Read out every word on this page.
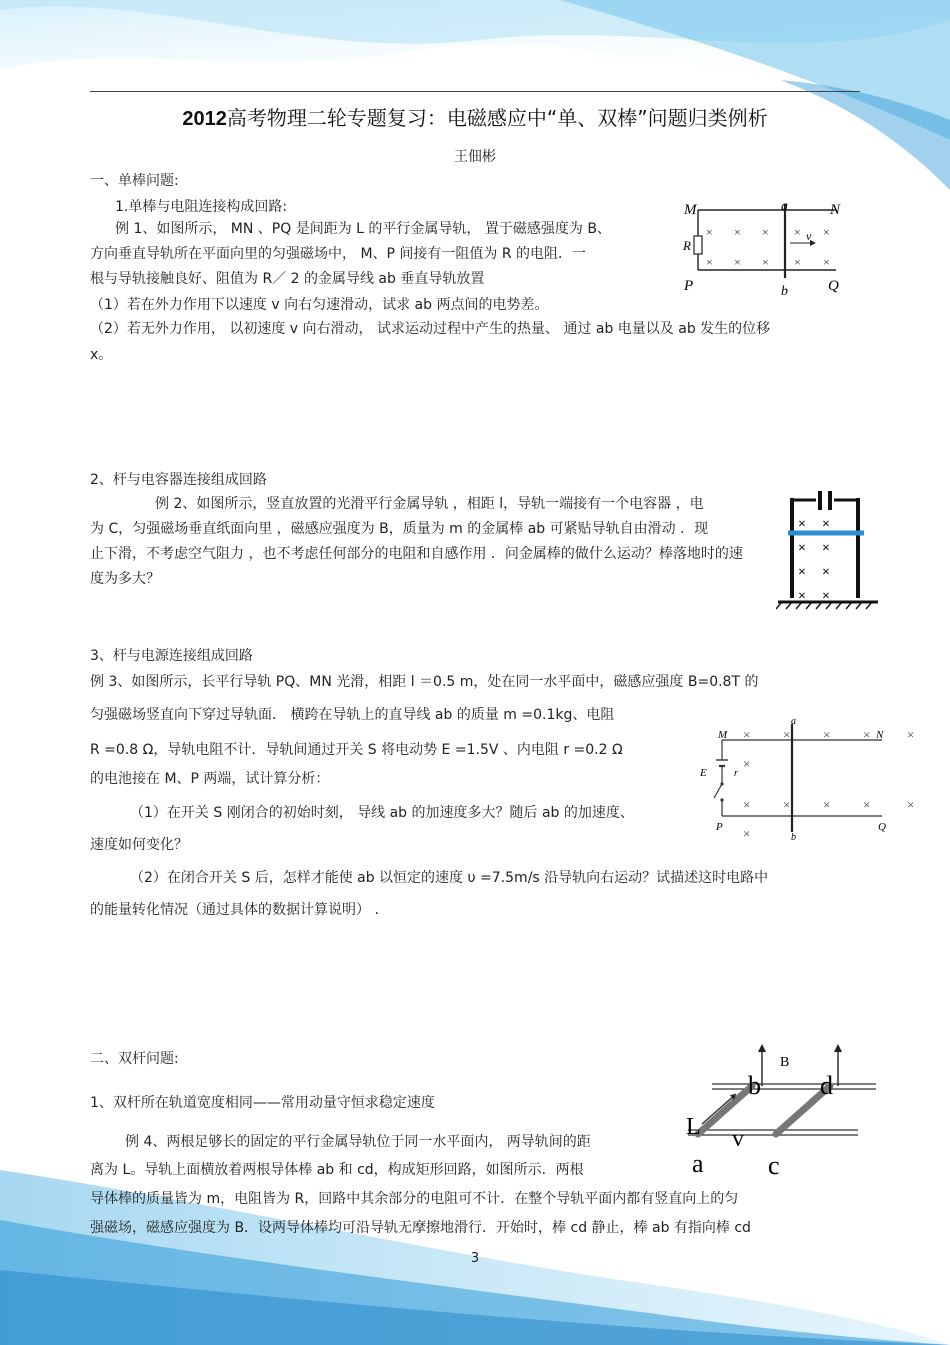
2012高考物理二轮专题复习：电磁感应中“单、双棒”问题归类例析
王佃彬
一、单棒问题:
1.单棒与电阻连接构成回路:
例 1、如图所示， MN 、PQ 是间距为 L 的平行金属导轨， 置于磁感强度为 B、
方向垂直导轨所在平面向里的匀强磁场中， M、P 间接有一阻值为 R 的电阻．一
根与导轨接触良好、阻值为 R／ 2 的金属导线 ab 垂直导轨放置
（1）若在外力作用下以速度 v 向右匀速滑动，试求 ab 两点间的电势差。
（2）若无外力作用， 以初速度 v 向右滑动， 试求运动过程中产生的热量、 通过 ab 电量以及 ab 发生的位移
x。
M	N
P	Q
a
b
R
v
× × × × ×
× × × × ×
2、杆与电容器连接组成回路
例 2、如图所示，竖直放置的光滑平行金属导轨 ，相距 l，导轨一端接有一个电容器 ，电
为 C，匀强磁场垂直纸面向里 ，磁感应强度为 B，质量为 m 的金属棒 ab 可紧贴导轨自由滑动 ．现
止下滑，不考虑空气阻力 ，也不考虑任何部分的电阻和自感作用 ．问金属棒的做什么运动？棒落地时的速
度为多大？
× ×
× ×
× ×
× ×
3、杆与电源连接组成回路
例 3、如图所示，长平行导轨 PQ、MN 光滑，相距 l ＝0.5 m，处在同一水平面中，磁感应强度 B=0.8T 的
匀强磁场竖直向下穿过导轨面． 横跨在导轨上的直导线 ab 的质量 m =0.1kg、电阻
R =0.8 Ω，导轨电阻不计．导轨间通过开关 S 将电动势 E =1.5V 、内电阻 r =0.2 Ω
的电池接在 M、P 两端，试计算分析：
（1）在开关 S 刚闭合的初始时刻， 导线 ab 的加速度多大？随后 ab 的加速度、
速度如何变化？
（2）在闭合开关 S 后，怎样才能使 ab 以恒定的速度 υ =7.5m/s 沿导轨向右运动？试描述这时电路中
的能量转化情况（通过具体的数据计算说明） .
M	N
P	Q
a
b
E	r
×	×	×	×	×
×
×	×	×	×	×
×
二、双杆问题:
1、双杆所在轨道宽度相同——常用动量守恒求稳定速度
例 4、两根足够长的固定的平行金属导轨位于同一水平面内， 两导轨间的距
离为 L。导轨上面横放着两根导体棒 ab 和 cd，构成矩形回路，如图所示．两根
导体棒的质量皆为 m，电阻皆为 R，回路中其余部分的电阻可不计．在整个导轨平面内都有竖直向上的匀
强磁场，磁感应强度为 B．设两导体棒均可沿导轨无摩擦地滑行．开始时，棒 cd 静止，棒 ab 有指向棒 cd
B
b d
L v
a c
3
